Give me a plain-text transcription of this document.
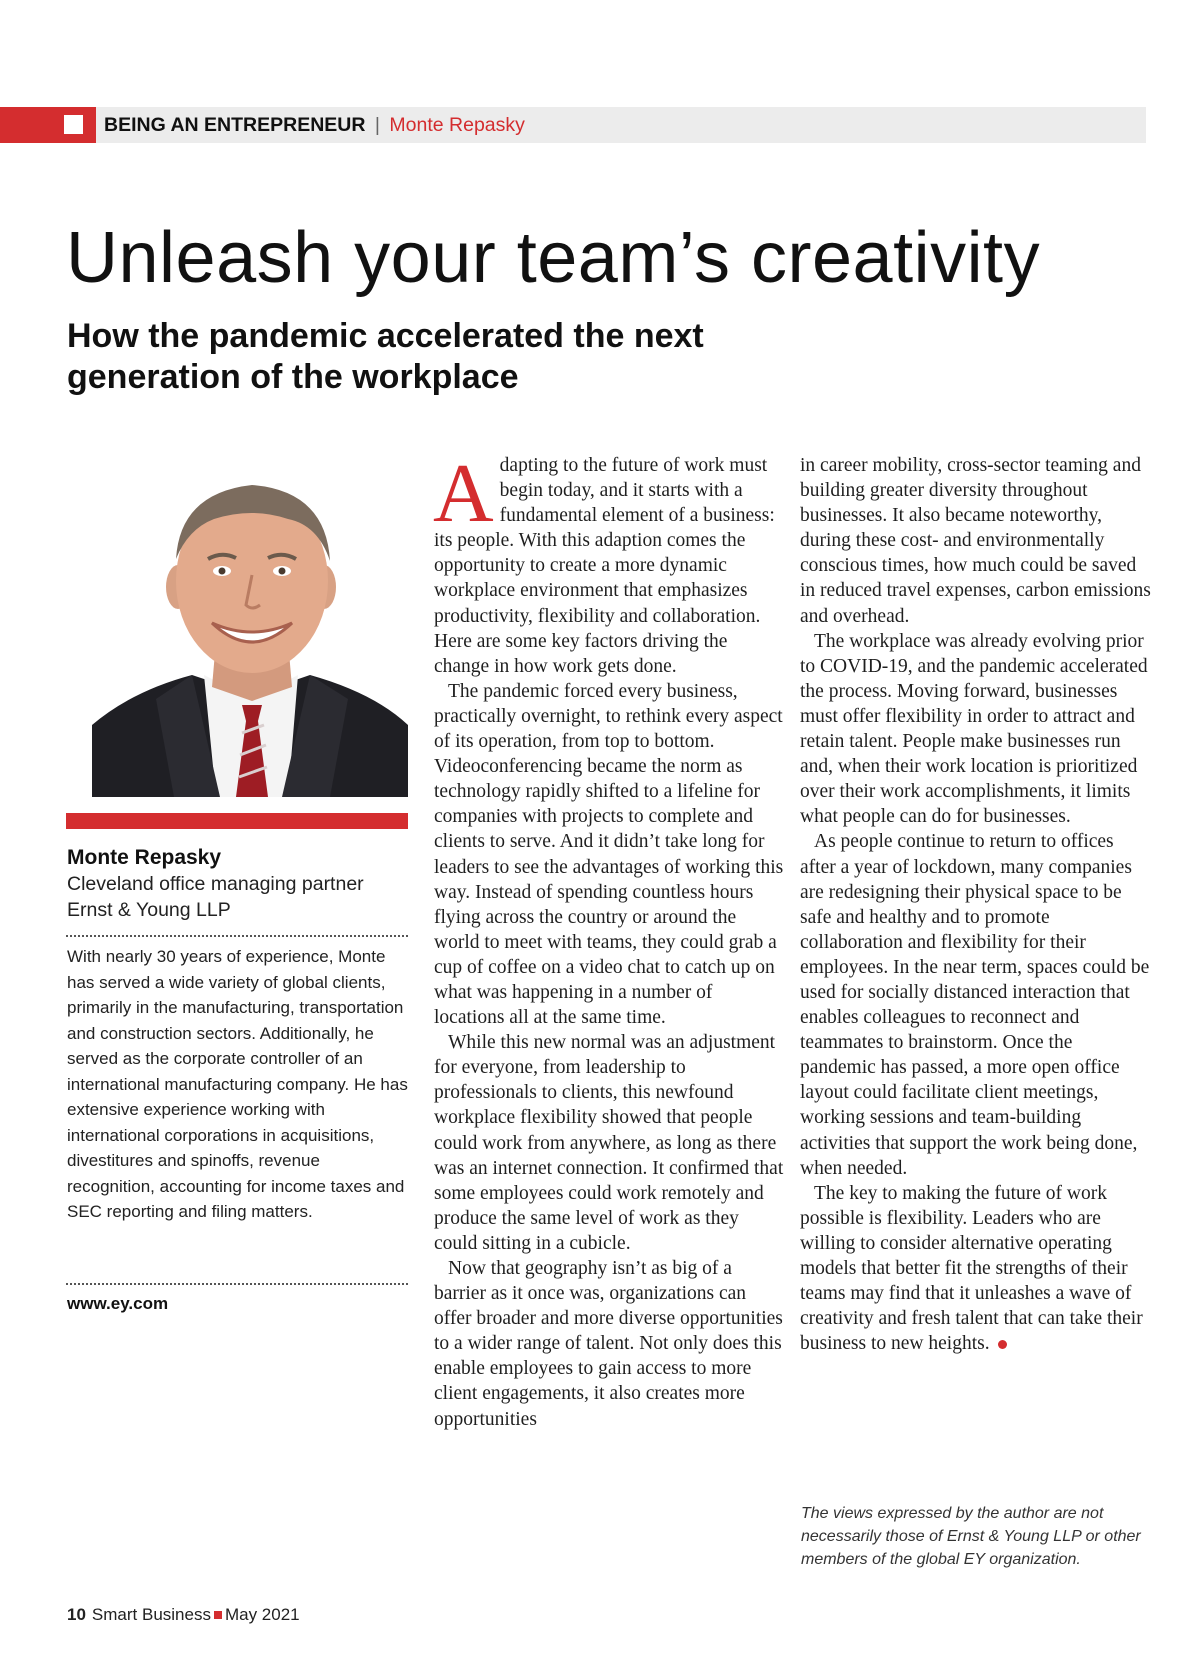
BEING AN ENTREPRENEUR | Monte Repasky
Unleash your team’s creativity
How the pandemic accelerated the next generation of the workplace
Monte Repasky
Cleveland office managing partner
Ernst & Young LLP

With nearly 30 years of experience, Monte has served a wide variety of global clients, primarily in the manufacturing, transportation and construction sectors. Additionally, he served as the corporate controller of an international manufacturing company. He has extensive experience working with international corporations in acquisitions, divestitures and spinoffs, revenue recognition, accounting for income taxes and SEC reporting and filing matters.

www.ey.com

Adapting to the future of work must begin today, and it starts with a fundamental element of a business: its people. With this adaption comes the opportunity to create a more dynamic workplace environment that emphasizes productivity, flexibility and collaboration. Here are some key factors driving the change in how work gets done.

The pandemic forced every business, practically overnight, to rethink every aspect of its operation, from top to bottom. Videoconferencing became the norm as technology rapidly shifted to a lifeline for companies with projects to complete and clients to serve. And it didn’t take long for leaders to see the advantages of working this way. Instead of spending countless hours flying across the country or around the world to meet with teams, they could grab a cup of coffee on a video chat to catch up on what was happening in a number of locations all at the same time.

While this new normal was an adjustment for everyone, from leadership to professionals to clients, this newfound workplace flexibility showed that people could work from anywhere, as long as there was an internet connection. It confirmed that some employees could work remotely and produce the same level of work as they could sitting in a cubicle.

Now that geography isn’t as big of a barrier as it once was, organizations can offer broader and more diverse opportunities to a wider range of talent. Not only does this enable employees to gain access to more client engagements, it also creates more opportunities

in career mobility, cross-sector teaming and building greater diversity throughout businesses. It also became noteworthy, during these cost- and environmentally conscious times, how much could be saved in reduced travel expenses, carbon emissions and overhead.

The workplace was already evolving prior to COVID-19, and the pandemic accelerated the process. Moving forward, businesses must offer flexibility in order to attract and retain talent. People make businesses run and, when their work location is prioritized over their work accomplishments, it limits what people can do for businesses.

As people continue to return to offices after a year of lockdown, many companies are redesigning their physical space to be safe and healthy and to promote collaboration and flexibility for their employees. In the near term, spaces could be used for socially distanced interaction that enables colleagues to reconnect and teammates to brainstorm. Once the pandemic has passed, a more open office layout could facilitate client meetings, working sessions and team-building activities that support the work being done, when needed.

The key to making the future of work possible is flexibility. Leaders who are willing to consider alternative operating models that better fit the strengths of their teams may find that it unleashes a wave of creativity and fresh talent that can take their business to new heights.

The views expressed by the author are not necessarily those of Ernst & Young LLP or other members of the global EY organization.

10 Smart Business May 2021
